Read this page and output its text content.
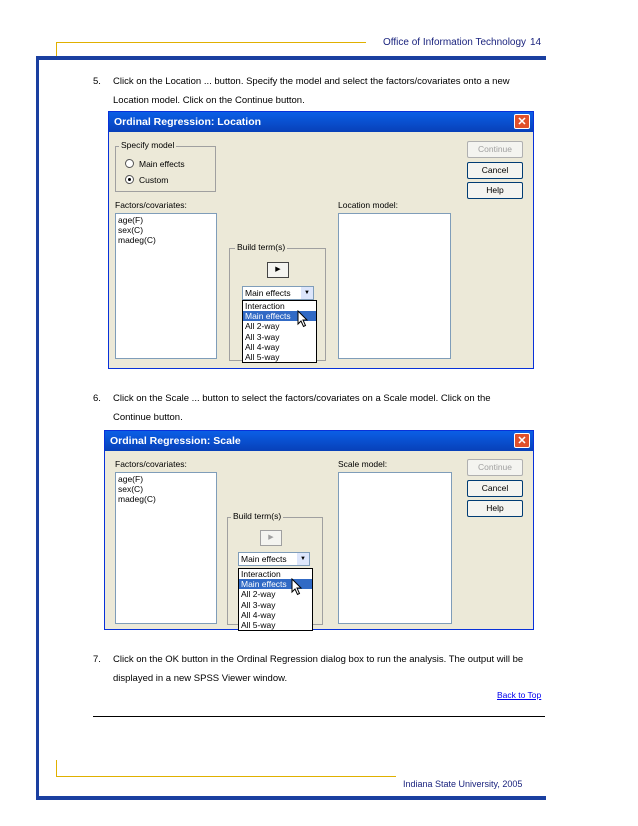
Office of Information Technology 14
5. Click on the Location ... button. Specify the model and select the factors/covariates onto a new
Location model. Click on the Continue button.
Ordinal Regression: Location	✕
Specify model
Main effects
Custom
Continue
Cancel
Help
Factors/covariates:
age(F)
sex(C)
madeg(C)
Build term(s)
▶
Main effects	▼
Interaction
Main effects
All 2-way
All 3-way
All 4-way
All 5-way
Location model:
6. Click on the Scale ... button to select the factors/covariates on a Scale model. Click on the
Continue button.
Ordinal Regression: Scale	✕
Continue
Cancel
Help
Factors/covariates:
age(F)
sex(C)
madeg(C)
Build term(s)
▶
Main effects	▼
Interaction
Main effects
All 2-way
All 3-way
All 4-way
All 5-way
Scale model:
7. Click on the OK button in the Ordinal Regression dialog box to run the analysis. The output will be
displayed in a new SPSS Viewer window.
Back to Top
Indiana State University, 2005
